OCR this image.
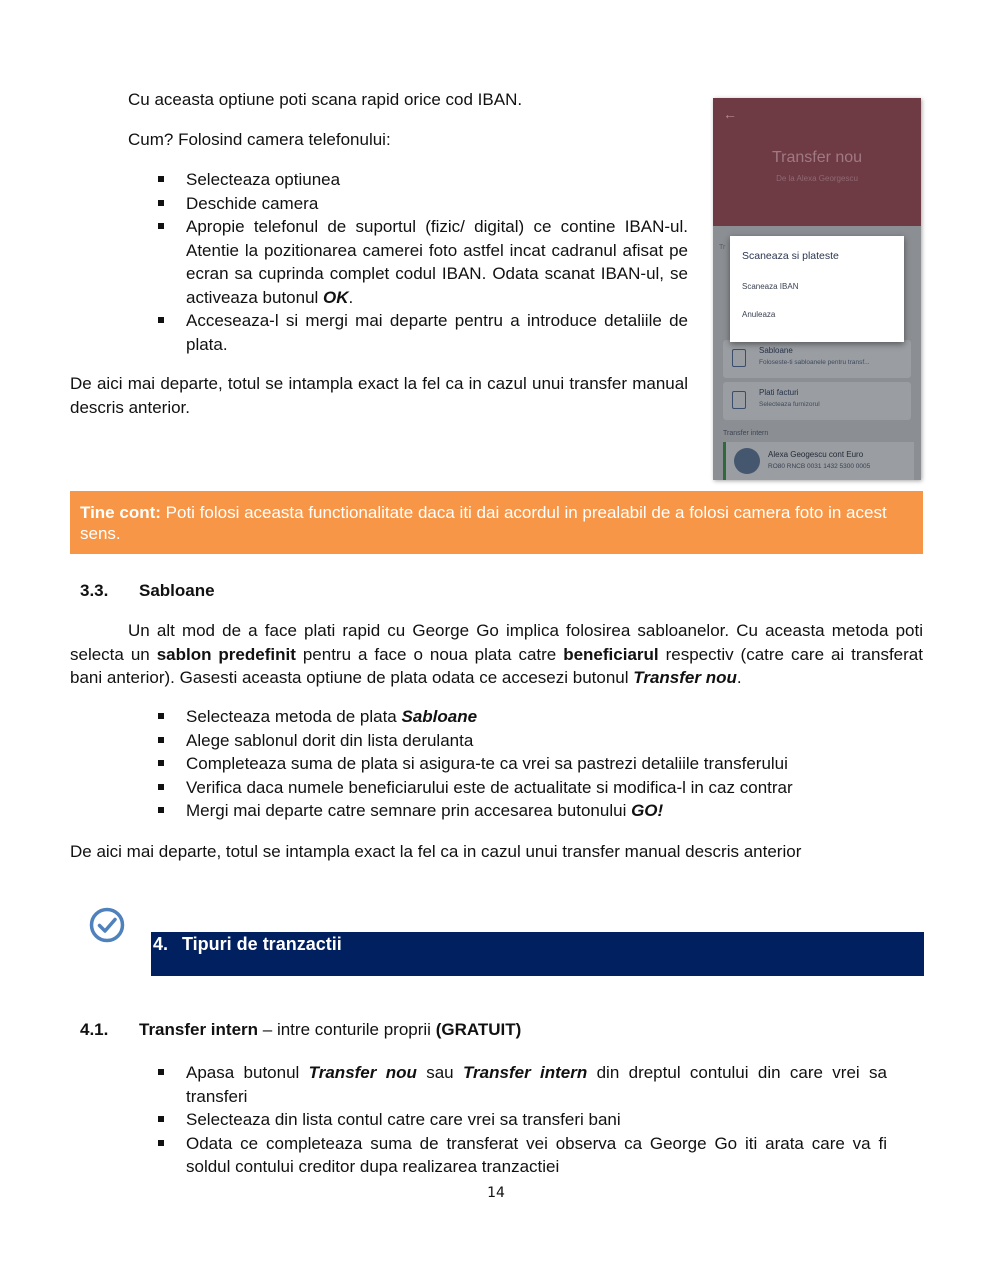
Cu aceasta optiune poti scana rapid orice cod IBAN.

Cum? Folosind camera telefonului:

Selecteaza optiunea
Deschide camera
Apropie telefonul de suportul (fizic/ digital) ce contine IBAN-ul. Atentie la pozitionarea camerei foto astfel incat cadranul afisat pe ecran sa cuprinda complet codul IBAN. Odata scanat IBAN-ul, se activeaza butonul OK.
Acceseaza-l si mergi mai departe pentru a introduce detaliile de plata.

De aici mai departe, totul se intampla exact la fel ca in cazul unui transfer manual descris anterior.

←
Transfer nou
De la Alexa Georgescu
Tr
Sabloane
Foloseste-ti sabloanele pentru transf...
Plati facturi
Selecteaza furnizorul
Transfer intern
Alexa Geogescu cont Euro
RO80 RNCB 0031 1432 5300 0005
Scaneaza si plateste
Scaneaza IBAN
Anuleaza
Tine cont: Poti folosi aceasta functionalitate daca iti dai acordul in prealabil de a folosi camera foto in acest sens.
3.3. Sabloane

Un alt mod de a face plati rapid cu George Go implica folosirea sabloanelor. Cu aceasta metoda poti selecta un sablon predefinit pentru a face o noua plata catre beneficiarul respectiv (catre care ai transferat bani anterior). Gasesti aceasta optiune de plata odata ce accesezi butonul Transfer nou.

Selecteaza metoda de plata Sabloane
Alege sablonul dorit din lista derulanta
Completeaza suma de plata si asigura-te ca vrei sa pastrezi detaliile transferului
Verifica daca numele beneficiarului este de actualitate si modifica-l in caz contrar
Mergi mai departe catre semnare prin accesarea butonului GO!

De aici mai departe, totul se intampla exact la fel ca in cazul unui transfer manual descris anterior

4. Tipuri de tranzactii
4.1. Transfer intern – intre conturile proprii (GRATUIT)
Apasa butonul Transfer nou sau Transfer intern din dreptul contului din care vrei sa transferi
Selecteaza din lista contul catre care vrei sa transferi bani
Odata ce completeaza suma de transferat vei observa ca George Go iti arata care va fi soldul contului creditor dupa realizarea tranzactiei
14
